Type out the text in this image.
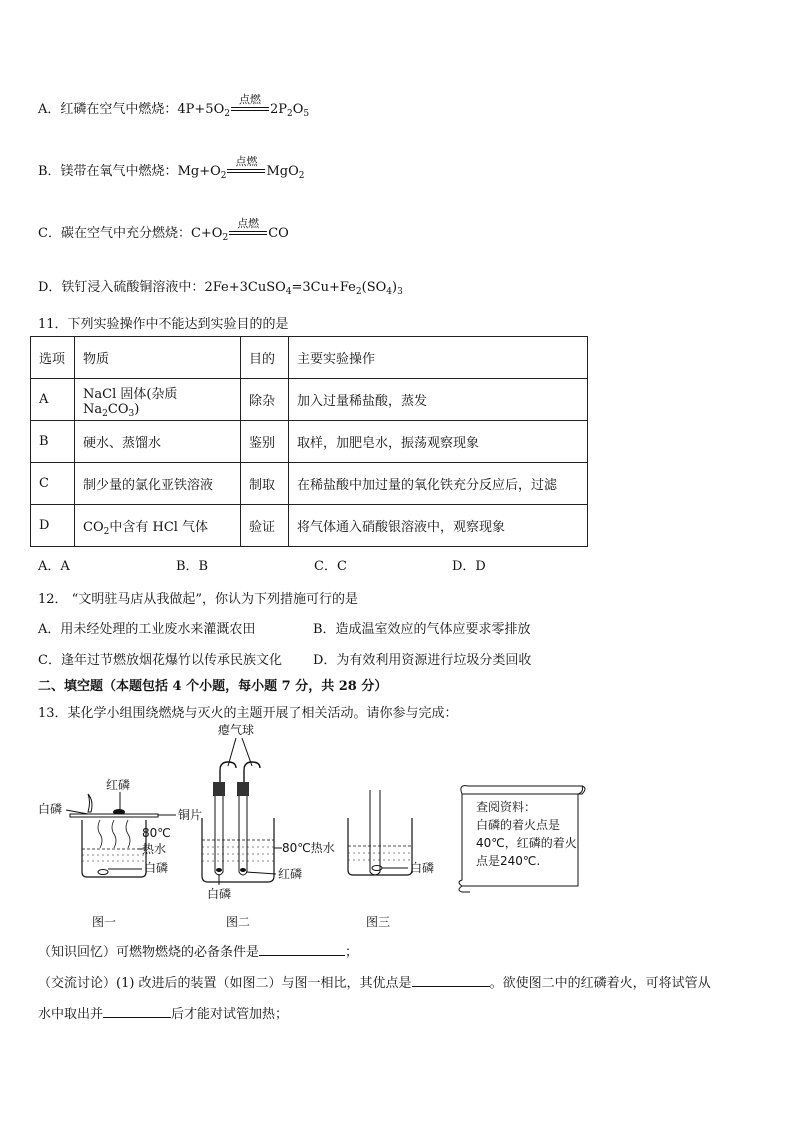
A．红磷在空气中燃烧：$4P+5O_2$
点燃
$2P_2O_5$
B．镁带在氧气中燃烧：$Mg+O_2$
点燃
MgO$_2$
C．碳在空气中充分燃烧：$C+O_2$
点燃
CO
D．铁钉浸入硫酸铜溶液中：$2Fe+3CuSO_4=3Cu+Fe_2(SO_4)_3$
11．下列实验操作中不能达到实验目的的是
选项	物质	目的	主要实验操作
A	NaCl 固体(杂质 $Na_2CO_3$)	除杂	加入过量稀盐酸，蒸发
B	硬水、蒸馏水	鉴别	取样，加肥皂水，振荡观察现象
C	制少量的氯化亚铁溶液	制取	在稀盐酸中加过量的氧化铁充分反应后，过滤
D	$CO_2$中含有 HCl 气体	验证	将气体通入硝酸银溶液中，观察现象
A．A	B．B	C．C	D．D
12． “文明驻马店从我做起”，你认为下列措施可行的是
A．用未经处理的工业废水来灌溉农田	B．造成温室效应的气体应要求零排放
C．逢年过节燃放烟花爆竹以传承民族文化 D．为有效利用资源进行垃圾分类回收
二、填空题（本题包括 4 个小题，每小题 7 分，共 28 分）
13．某化学小组围绕燃烧与灭火的主题开展了相关活动。请你参与完成：
红磷
白磷	铜片
80℃
热水
白磷
图一
瘪气球
80℃热水
红磷
白磷
图二
白磷
图三
查阅资料：
白磷的着火点是
40℃，红磷的着火
点是240℃.
（知识回忆）可燃物燃烧的必备条件是	；
（交流讨论）(1) 改进后的装置（如图二）与图一相比，其优点是	。欲使图二中的红磷着火，可将试管从
水中取出并	后才能对试管加热；
